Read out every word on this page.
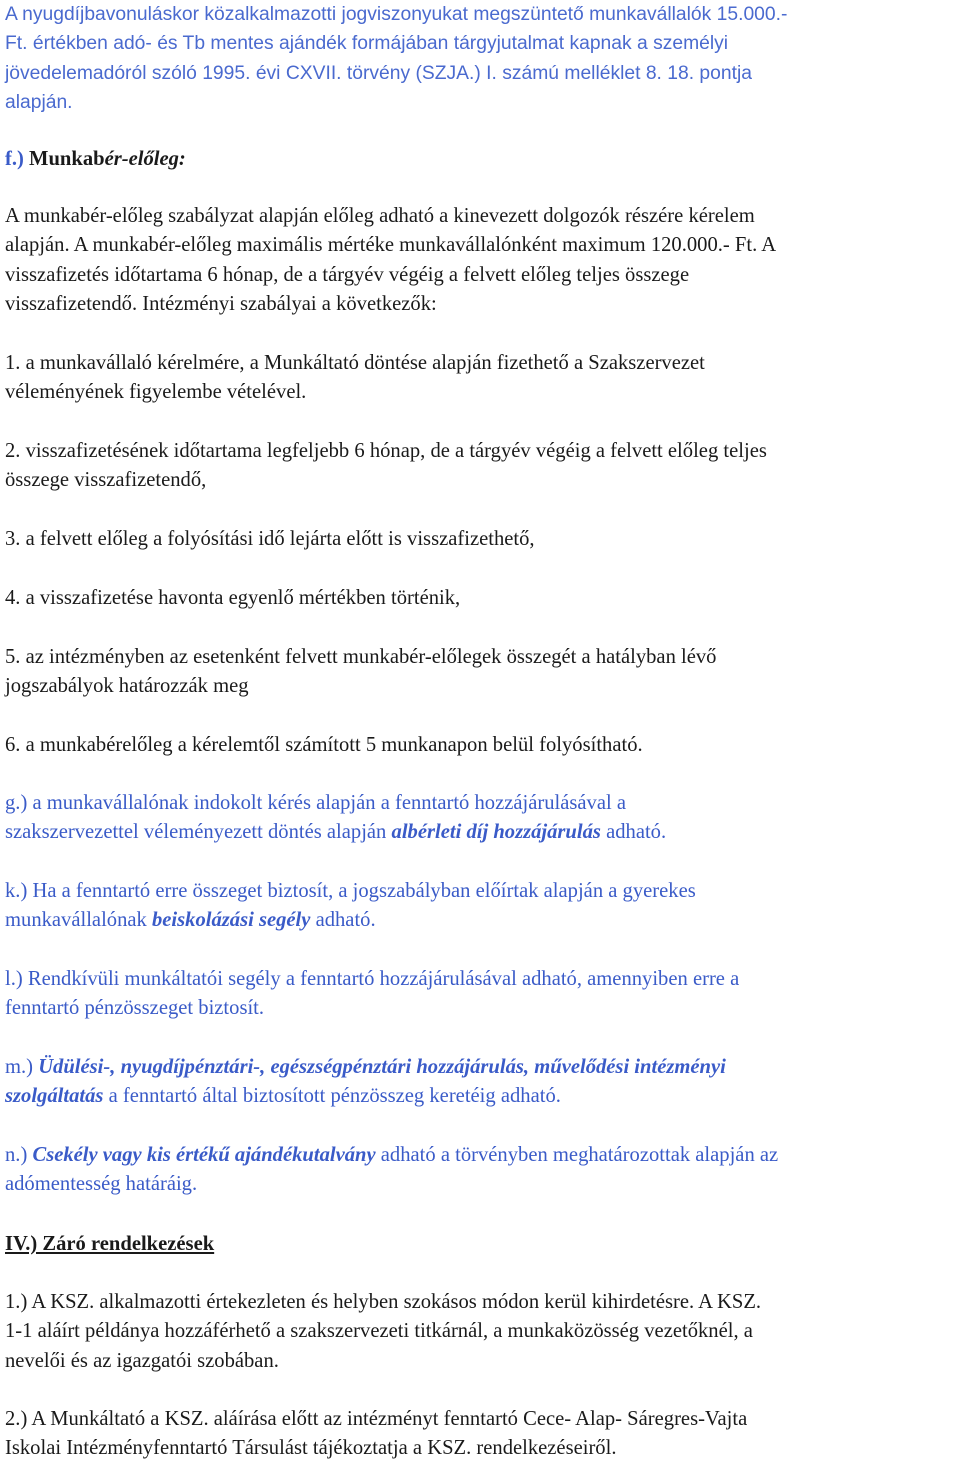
A nyugdíjbavonuláskor közalkalmazotti jogviszonyukat megszüntető munkavállalók 15.000.-
Ft. értékben adó- és Tb mentes ajándék formájában tárgyjutalmat kapnak a személyi
jövedelemadóról szóló 1995. évi CXVII. törvény (SZJA.) I. számú melléklet 8. 18. pontja
alapján.
f.) Munkabér-előleg:
A munkabér-előleg szabályzat alapján előleg adható a kinevezett dolgozók részére kérelem
alapján. A munkabér-előleg maximális mértéke munkavállalónként maximum 120.000.- Ft. A
visszafizetés időtartama 6 hónap, de a tárgyév végéig a felvett előleg teljes összege
visszafizetendő. Intézményi szabályai a következők:
1. a munkavállaló kérelmére, a Munkáltató döntése alapján fizethető a Szakszervezet
véleményének figyelembe vételével.
2. visszafizetésének időtartama legfeljebb 6 hónap, de a tárgyév végéig a felvett előleg teljes
összege visszafizetendő,
3. a felvett előleg a folyósítási idő lejárta előtt is visszafizethető,
4. a visszafizetése havonta egyenlő mértékben történik,
5. az intézményben az esetenként felvett munkabér-előlegek összegét a hatályban lévő
jogszabályok határozzák meg
6. a munkabérelőleg a kérelemtől számított 5 munkanapon belül folyósítható.
g.) a munkavállalónak indokolt kérés alapján a fenntartó hozzájárulásával a
szakszervezettel véleményezett döntés alapján albérleti díj hozzájárulás adható.
k.) Ha a fenntartó erre összeget biztosít, a jogszabályban előírtak alapján a gyerekes
munkavállalónak beiskolázási segély adható.
l.) Rendkívüli munkáltatói segély a fenntartó hozzájárulásával adható, amennyiben erre a
fenntartó pénzösszeget biztosít.
m.) Üdülési-, nyugdíjpénztári-, egészségpénztári hozzájárulás, művelődési intézményi
szolgáltatás a fenntartó által biztosított pénzösszeg keretéig adható.
n.) Csekély vagy kis értékű ajándékutalvány adható a törvényben meghatározottak alapján az
adómentesség határáig.
IV.) Záró rendelkezések
1.) A KSZ. alkalmazotti értekezleten és helyben szokásos módon kerül kihirdetésre. A KSZ.
1-1 aláírt példánya hozzáférhető a szakszervezeti titkárnál, a munkaközösség vezetőknél, a
nevelői és az igazgatói szobában.
2.) A Munkáltató a KSZ. aláírása előtt az intézményt fenntartó Cece- Alap- Sáregres-Vajta
Iskolai Intézményfenntartó Társulást tájékoztatja a KSZ. rendelkezéseiről.
